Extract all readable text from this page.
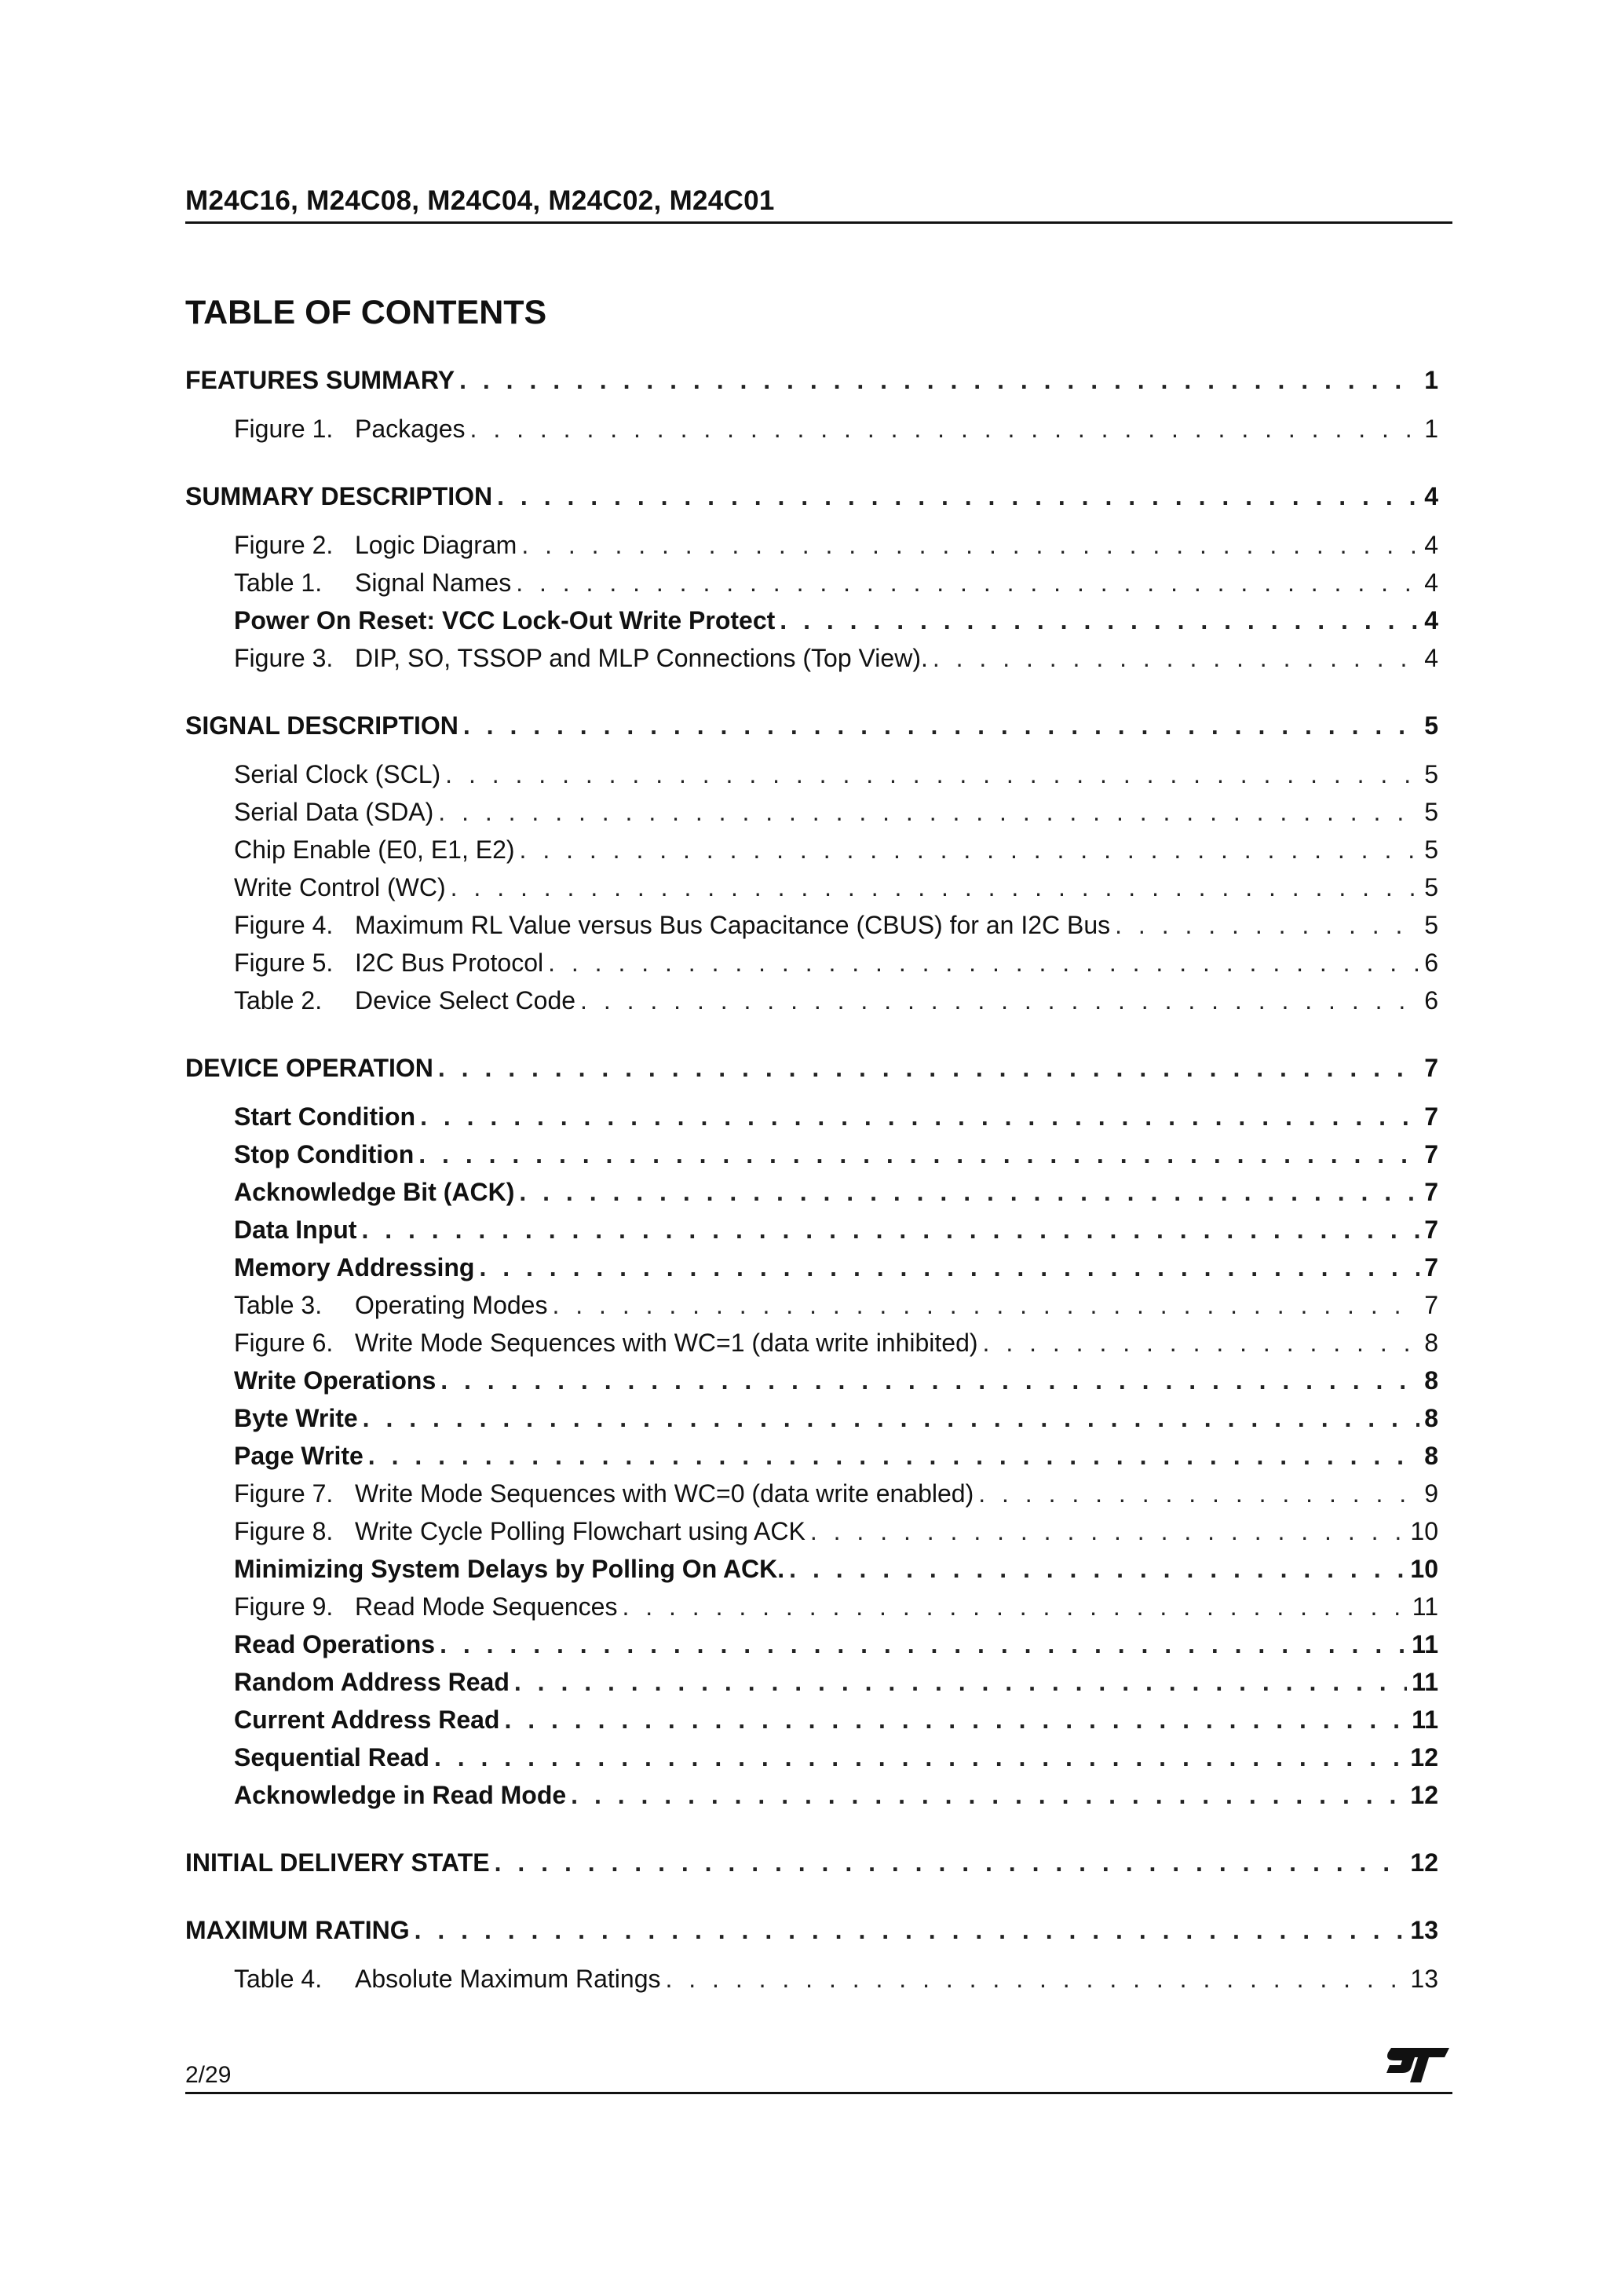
M24C16, M24C08, M24C04, M24C02, M24C01
TABLE OF CONTENTS
FEATURES SUMMARY . . .	1
Figure 1. Packages . . .	1
SUMMARY DESCRIPTION . . .	4
Figure 2. Logic Diagram . . .	4
Table 1. Signal Names . . .	4
Power On Reset: VCC Lock-Out Write Protect . . .	4
Figure 3. DIP, SO, TSSOP and MLP Connections (Top View). . . .	4
SIGNAL DESCRIPTION . . .	5
Serial Clock (SCL) . . .	5
Serial Data (SDA) . . .	5
Chip Enable (E0, E1, E2) . . .	5
Write Control (WC) . . .	5
Figure 4. Maximum RL Value versus Bus Capacitance (CBUS) for an I2C Bus . . .	5
Figure 5. I2C Bus Protocol . . .	6
Table 2. Device Select Code . . .	6
DEVICE OPERATION . . .	7
Start Condition . . .	7
Stop Condition . . .	7
Acknowledge Bit (ACK) . . .	7
Data Input . . .	7
Memory Addressing . . .	7
Table 3. Operating Modes . . .	7
Figure 6. Write Mode Sequences with WC=1 (data write inhibited) . . .	8
Write Operations . . .	8
Byte Write . . .	8
Page Write . . .	8
Figure 7. Write Mode Sequences with WC=0 (data write enabled) . . .	9
Figure 8. Write Cycle Polling Flowchart using ACK . . .	10
Minimizing System Delays by Polling On ACK. . . .	10
Figure 9. Read Mode Sequences . . .	11
Read Operations . . .	11
Random Address Read . . .	11
Current Address Read . . .	11
Sequential Read . . .	12
Acknowledge in Read Mode . . .	12
INITIAL DELIVERY STATE . . .	12
MAXIMUM RATING . . .	13
Table 4. Absolute Maximum Ratings . . .	13
2/29
